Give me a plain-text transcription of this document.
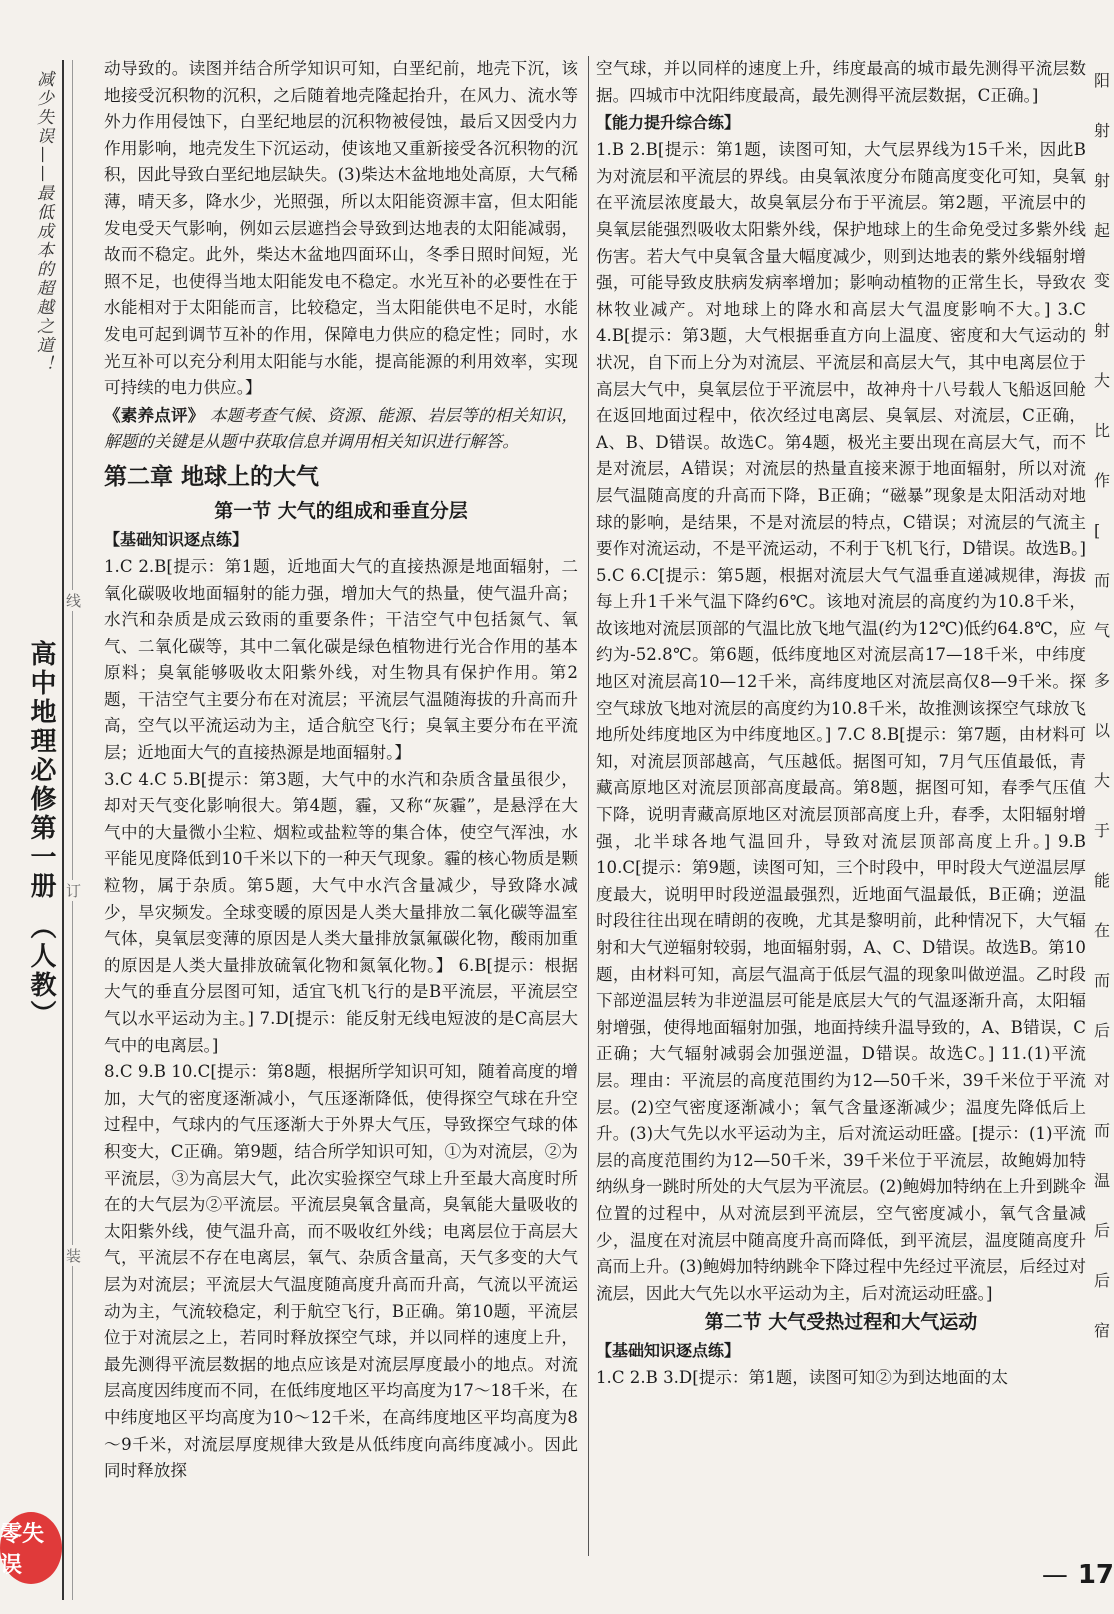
减少失误——最低成本的超越之道！
高中地理必修第一册 （人教）
线
订
装
零失误

动导致的。读图并结合所学知识可知，白垩纪前，地壳下沉，该地接受沉积物的沉积，之后随着地壳隆起抬升，在风力、流水等外力作用侵蚀下，白垩纪地层的沉积物被侵蚀，最后又因受内力作用影响，地壳发生下沉运动，使该地又重新接受各沉积物的沉积，因此导致白垩纪地层缺失。(3)柴达木盆地地处高原，大气稀薄，晴天多，降水少，光照强，所以太阳能资源丰富，但太阳能发电受天气影响，例如云层遮挡会导致到达地表的太阳能减弱，故而不稳定。此外，柴达木盆地四面环山，冬季日照时间短，光照不足，也使得当地太阳能发电不稳定。水光互补的必要性在于水能相对于太阳能而言，比较稳定，当太阳能供电不足时，水能发电可起到调节互补的作用，保障电力供应的稳定性；同时，水光互补可以充分利用太阳能与水能，提高能源的利用效率，实现可持续的电力供应。】

《素养点评》 本题考查气候、资源、能源、岩层等的相关知识，解题的关键是从题中获取信息并调用相关知识进行解答。

第二章 地球上的大气
第一节 大气的组成和垂直分层
【基础知识逐点练】

1.C 2.B[提示：第1题，近地面大气的直接热源是地面辐射，二氧化碳吸收地面辐射的能力强，增加大气的热量，使气温升高；水汽和杂质是成云致雨的重要条件；干洁空气中包括氮气、氧气、二氧化碳等，其中二氧化碳是绿色植物进行光合作用的基本原料；臭氧能够吸收太阳紫外线，对生物具有保护作用。第2题，干洁空气主要分布在对流层；平流层气温随海拔的升高而升高，空气以平流运动为主，适合航空飞行；臭氧主要分布在平流层；近地面大气的直接热源是地面辐射。】

3.C 4.C 5.B[提示：第3题，大气中的水汽和杂质含量虽很少，却对天气变化影响很大。第4题，霾，又称“灰霾”，是悬浮在大气中的大量微小尘粒、烟粒或盐粒等的集合体，使空气浑浊，水平能见度降低到10千米以下的一种天气现象。霾的核心物质是颗粒物，属于杂质。第5题，大气中水汽含量减少，导致降水减少，旱灾频发。全球变暖的原因是人类大量排放二氧化碳等温室气体，臭氧层变薄的原因是人类大量排放氯氟碳化物，酸雨加重的原因是人类大量排放硫氧化物和氮氧化物。】 6.B[提示：根据大气的垂直分层图可知，适宜飞机飞行的是B平流层，平流层空气以水平运动为主。] 7.D[提示：能反射无线电短波的是C高层大气中的电离层。]

8.C 9.B 10.C[提示：第8题，根据所学知识可知，随着高度的增加，大气的密度逐渐减小，气压逐渐降低，使得探空气球在升空过程中，气球内的气压逐渐大于外界大气压，导致探空气球的体积变大，C正确。第9题，结合所学知识可知，①为对流层，②为平流层，③为高层大气，此次实验探空气球上升至最大高度时所在的大气层为②平流层。平流层臭氧含量高，臭氧能大量吸收的太阳紫外线，使气温升高，而不吸收红外线；电离层位于高层大气，平流层不存在电离层，氧气、杂质含量高，天气多变的大气层为对流层；平流层大气温度随高度升高而升高，气流以平流运动为主，气流较稳定，利于航空飞行，B正确。第10题，平流层位于对流层之上，若同时释放探空气球，并以同样的速度上升，最先测得平流层数据的地点应该是对流层厚度最小的地点。对流层高度因纬度而不同，在低纬度地区平均高度为17～18千米，在中纬度地区平均高度为10～12千米，在高纬度地区平均高度为8～9千米，对流层厚度规律大致是从低纬度向高纬度减小。因此同时释放探

空气球，并以同样的速度上升，纬度最高的城市最先测得平流层数据。四城市中沈阳纬度最高，最先测得平流层数据，C正确。]

【能力提升综合练】

1.B 2.B[提示：第1题，读图可知，大气层界线为15千米，因此B为对流层和平流层的界线。由臭氧浓度分布随高度变化可知，臭氧在平流层浓度最大，故臭氧层分布于平流层。第2题，平流层中的臭氧层能强烈吸收太阳紫外线，保护地球上的生命免受过多紫外线伤害。若大气中臭氧含量大幅度减少，则到达地表的紫外线辐射增强，可能导致皮肤病发病率增加；影响动植物的正常生长，导致农林牧业减产。对地球上的降水和高层大气温度影响不大。] 3.C 4.B[提示：第3题，大气根据垂直方向上温度、密度和大气运动的状况，自下而上分为对流层、平流层和高层大气，其中电离层位于高层大气中，臭氧层位于平流层中，故神舟十八号载人飞船返回舱在返回地面过程中，依次经过电离层、臭氧层、对流层，C正确，A、B、D错误。故选C。第4题，极光主要出现在高层大气，而不是对流层，A错误；对流层的热量直接来源于地面辐射，所以对流层气温随高度的升高而下降，B正确；“磁暴”现象是太阳活动对地球的影响，是结果，不是对流层的特点，C错误；对流层的气流主要作对流运动，不是平流运动，不利于飞机飞行，D错误。故选B。] 5.C 6.C[提示：第5题，根据对流层大气气温垂直递减规律，海拔每上升1千米气温下降约6℃。该地对流层的高度约为10.8千米，故该地对流层顶部的气温比放飞地气温(约为12℃)低约64.8℃，应约为-52.8℃。第6题，低纬度地区对流层高17—18千米，中纬度地区对流层高10—12千米，高纬度地区对流层高仅8—9千米。探空气球放飞地对流层的高度约为10.8千米，故推测该探空气球放飞地所处纬度地区为中纬度地区。] 7.C 8.B[提示：第7题，由材料可知，对流层顶部越高，气压越低。据图可知，7月气压值最低，青藏高原地区对流层顶部高度最高。第8题，据图可知，春季气压值下降，说明青藏高原地区对流层顶部高度上升，春季，太阳辐射增强，北半球各地气温回升，导致对流层顶部高度上升。] 9.B 10.C[提示：第9题，读图可知，三个时段中，甲时段大气逆温层厚度最大，说明甲时段逆温最强烈，近地面气温最低，B正确；逆温时段往往出现在晴朗的夜晚，尤其是黎明前，此种情况下，大气辐射和大气逆辐射较弱，地面辐射弱，A、C、D错误。故选B。第10题，由材料可知，高层气温高于低层气温的现象叫做逆温。乙时段下部逆温层转为非逆温层可能是底层大气的气温逐渐升高，太阳辐射增强，使得地面辐射加强，地面持续升温导致的，A、B错误，C正确；大气辐射减弱会加强逆温，D错误。故选C。] 11.(1)平流层。理由：平流层的高度范围约为12—50千米，39千米位于平流层。(2)空气密度逐渐减小；氧气含量逐渐减少；温度先降低后上升。(3)大气先以水平运动为主，后对流运动旺盛。[提示：(1)平流层的高度范围约为12—50千米，39千米位于平流层，故鲍姆加特纳纵身一跳时所处的大气层为平流层。(2)鲍姆加特纳在上升到跳伞位置的过程中，从对流层到平流层，空气密度减小，氧气含量减少，温度在对流层中随高度升高而降低，到平流层，温度随高度升高而上升。(3)鲍姆加特纳跳伞下降过程中先经过平流层，后经过对流层，因此大气先以水平运动为主，后对流运动旺盛。]

第二节 大气受热过程和大气运动
【基础知识逐点练】

1.C 2.B 3.D[提示：第1题，读图可知②为到达地面的太

阳
射
射
起
变
射
大
比
作
[
而
气
多
以
大
于
能
在
而
后
对
而
温
后
后
宿
— 17
